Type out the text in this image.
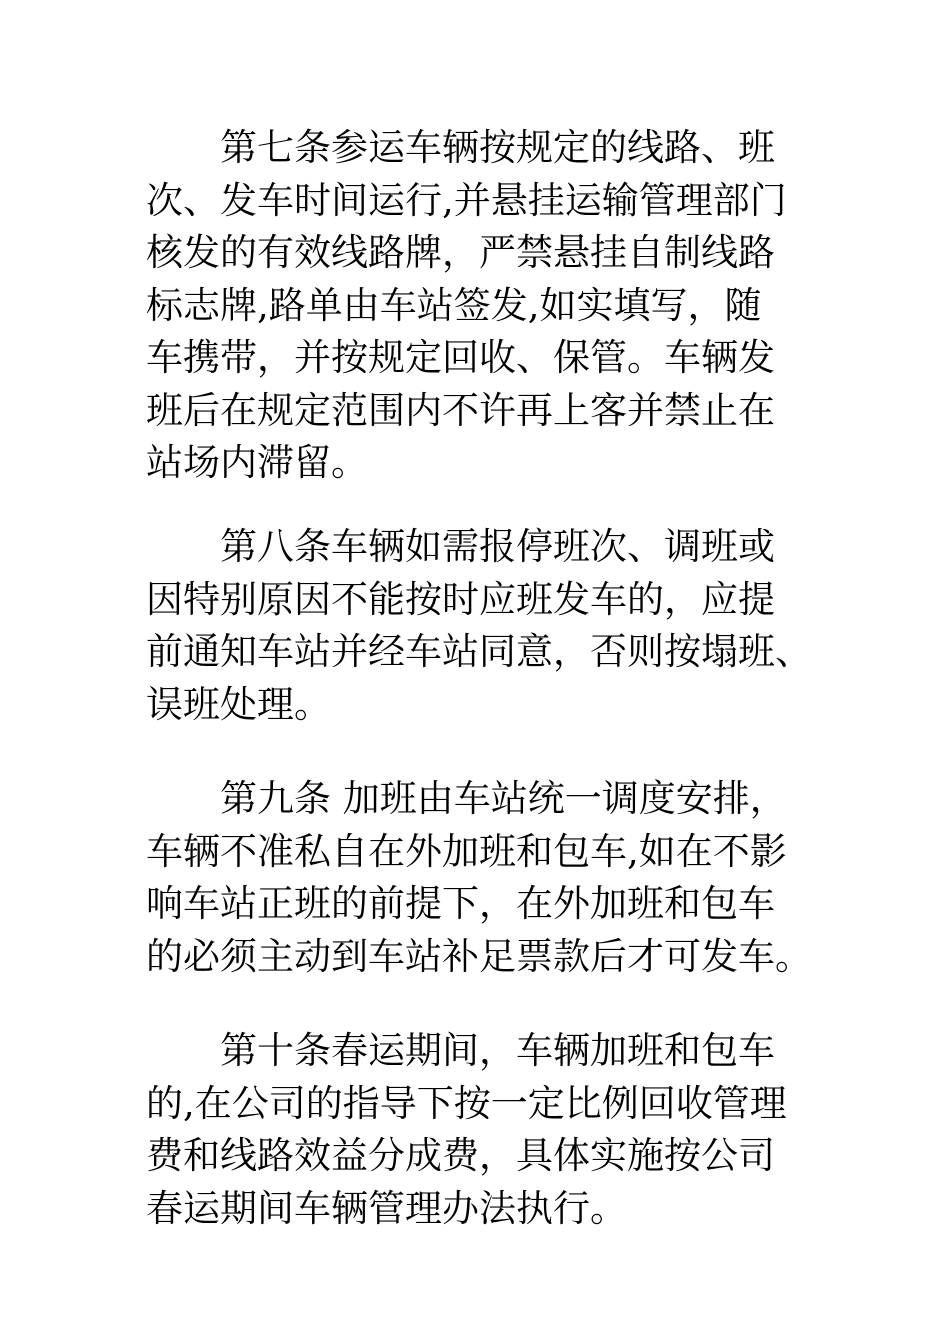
　　第七条参运车辆按规定的线路、班
次、发车时间运行,并悬挂运输管理部门
核发的有效线路牌，严禁悬挂自制线路
标志牌,路单由车站签发,如实填写，随
车携带，并按规定回收、保管。车辆发
班后在规定范围内不许再上客并禁止在
站场内滞留。
　　第八条车辆如需报停班次、调班或
因特别原因不能按时应班发车的，应提
前通知车站并经车站同意，否则按塌班、
误班处理。
　　第九条 加班由车站统一调度安排，
车辆不准私自在外加班和包车,如在不影
响车站正班的前提下，在外加班和包车
的必须主动到车站补足票款后才可发车。
　　第十条春运期间，车辆加班和包车
的,在公司的指导下按一定比例回收管理
费和线路效益分成费，具体实施按公司
春运期间车辆管理办法执行。
